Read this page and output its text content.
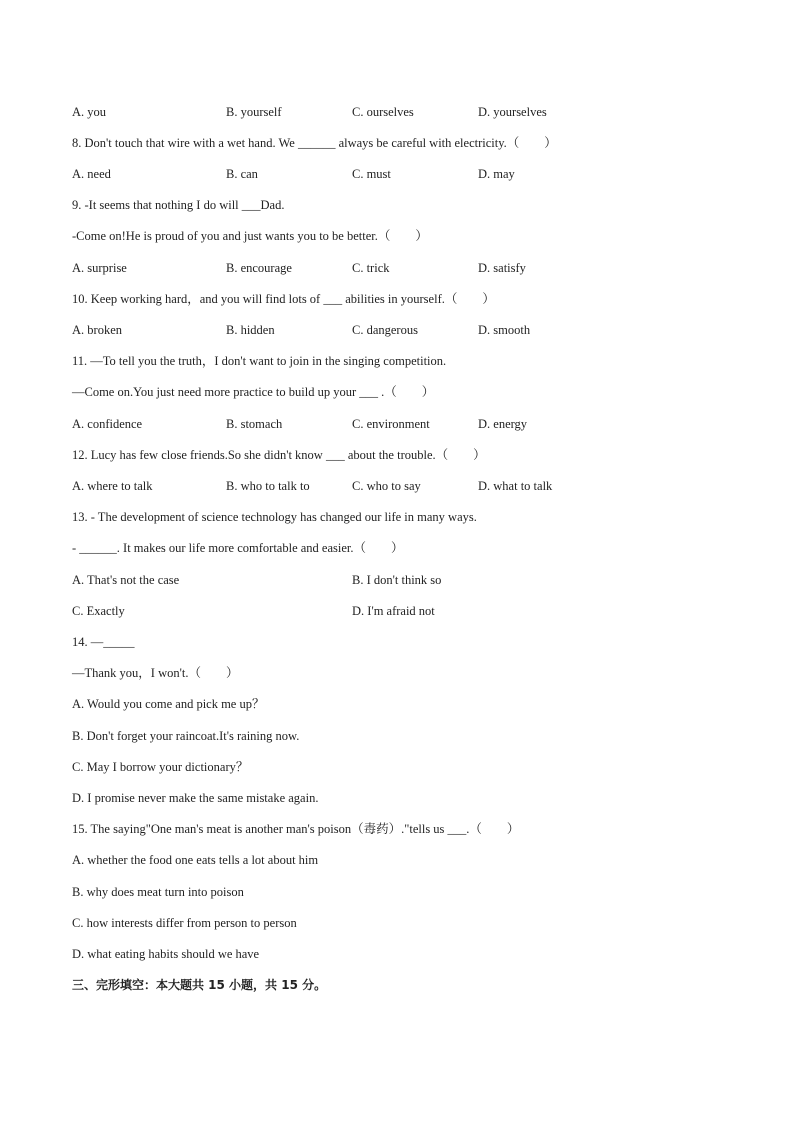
A. you	B. yourself	C. ourselves	D. yourselves
8. Don't touch that wire with a wet hand. We ______ always be careful with electricity.（　　）
A. need	B. can	C. must	D. may
9. -It seems that nothing I do will ___Dad.
-Come on!He is proud of you and just wants you to be better.（　　）
A. surprise	B. encourage	C. trick	D. satisfy
10. Keep working hard，and you will find lots of ___ abilities in yourself.（　　）
A. broken	B. hidden	C. dangerous	D. smooth
11. —To tell you the truth，I don't want to join in the singing competition.
—Come on.You just need more practice to build up your ___ .（　　）
A. confidence	B. stomach	C. environment	D. energy
12. Lucy has few close friends.So she didn't know ___ about the trouble.（　　）
A. where to talk	B. who to talk to	C. who to say	D. what to talk
13. - The development of science technology has changed our life in many ways.
- ______. It makes our life more comfortable and easier.（　　）
A. That's not the case	B. I don't think so
C. Exactly	D. I'm afraid not
14. —_____
—Thank you，I won't.（　　）
A. Would you come and pick me up？
B. Don't forget your raincoat.It's raining now.
C. May I borrow your dictionary？
D. I promise never make the same mistake again.
15. The saying"One man's meat is another man's poison（毒药）."tells us ___.（　　）
A. whether the food one eats tells a lot about him
B. why does meat turn into poison
C. how interests differ from person to person
D. what eating habits should we have
三、完形填空：本大题共 15 小题，共 15 分。
